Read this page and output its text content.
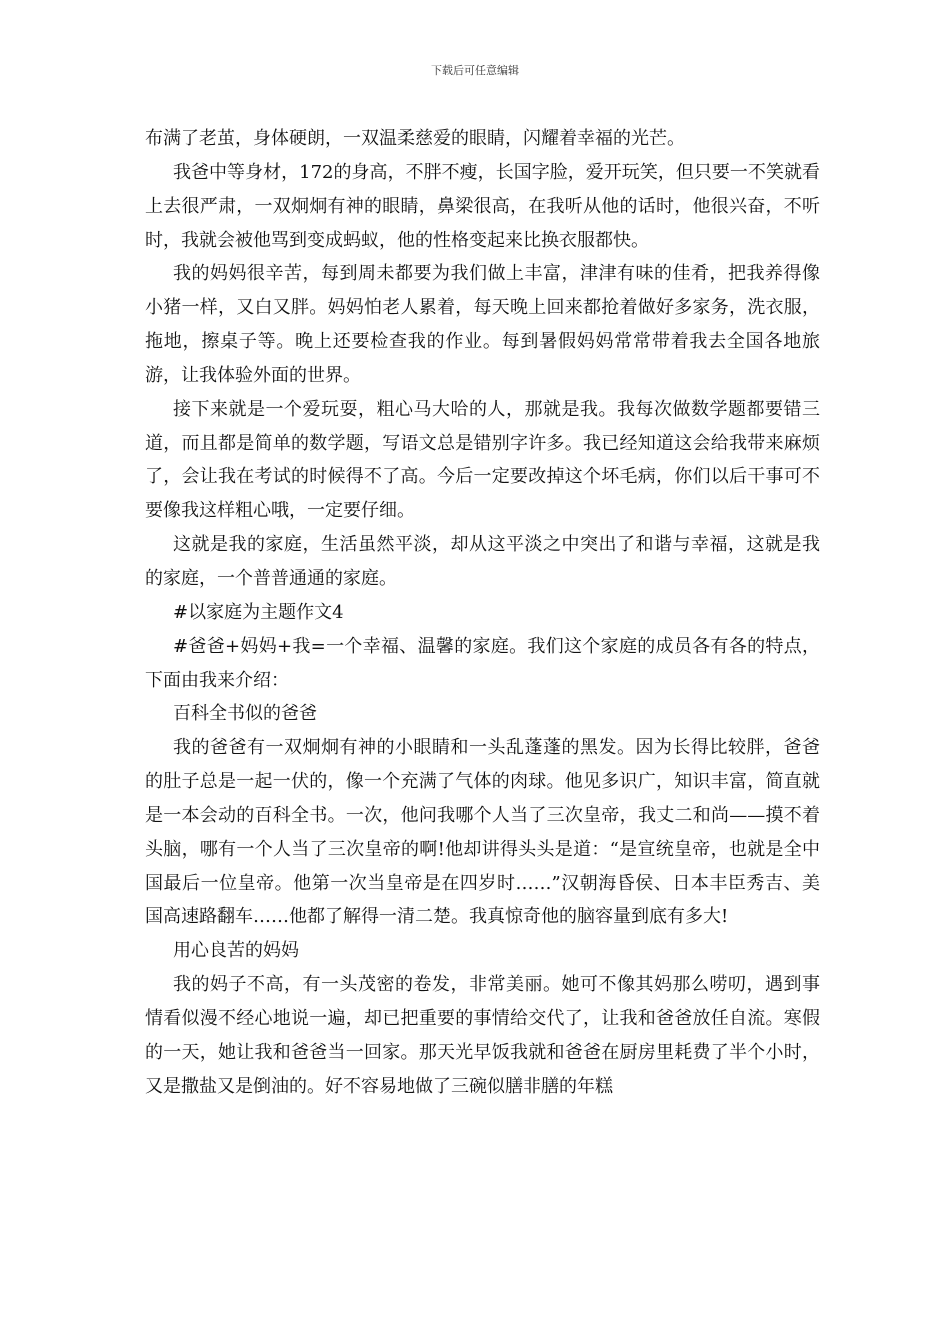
下载后可任意编辑

布满了老茧，身体硬朗，一双温柔慈爱的眼睛，闪耀着幸福的光芒。

我爸中等身材，172的身高，不胖不瘦，长国字脸，爱开玩笑，但只要一不笑就看上去很严肃，一双炯炯有神的眼睛，鼻梁很高，在我听从他的话时，他很兴奋，不听时，我就会被他骂到变成蚂蚁，他的性格变起来比换衣服都快。

我的妈妈很辛苦，每到周未都要为我们做上丰富，津津有味的佳肴，把我养得像小猪一样，又白又胖。妈妈怕老人累着，每天晚上回来都抢着做好多家务，洗衣服，拖地，擦桌子等。晚上还要检查我的作业。每到暑假妈妈常常带着我去全国各地旅游，让我体验外面的世界。

接下来就是一个爱玩耍，粗心马大哈的人，那就是我。我每次做数学题都要错三道，而且都是简单的数学题，写语文总是错别字许多。我已经知道这会给我带来麻烦了，会让我在考试的时候得不了高。今后一定要改掉这个坏毛病，你们以后干事可不要像我这样粗心哦，一定要仔细。

这就是我的家庭，生活虽然平淡，却从这平淡之中突出了和谐与幸福，这就是我的家庭，一个普普通通的家庭。

#以家庭为主题作文4

#爸爸+妈妈+我=一个幸福、温馨的家庭。我们这个家庭的成员各有各的特点，下面由我来介绍：

百科全书似的爸爸

我的爸爸有一双炯炯有神的小眼睛和一头乱蓬蓬的黑发。因为长得比较胖，爸爸的肚子总是一起一伏的，像一个充满了气体的肉球。他见多识广，知识丰富，简直就是一本会动的百科全书。一次，他问我哪个人当了三次皇帝，我丈二和尚——摸不着头脑，哪有一个人当了三次皇帝的啊!他却讲得头头是道：“是宣统皇帝，也就是全中国最后一位皇帝。他第一次当皇帝是在四岁时……”汉朝海昏侯、日本丰臣秀吉、美国高速路翻车……他都了解得一清二楚。我真惊奇他的脑容量到底有多大!

用心良苦的妈妈

我的妈子不高，有一头茂密的卷发，非常美丽。她可不像其妈那么唠叨，遇到事情看似漫不经心地说一遍，却已把重要的事情给交代了，让我和爸爸放任自流。寒假的一天，她让我和爸爸当一回家。那天光早饭我就和爸爸在厨房里耗费了半个小时，又是撒盐又是倒油的。好不容易地做了三碗似膳非膳的年糕
